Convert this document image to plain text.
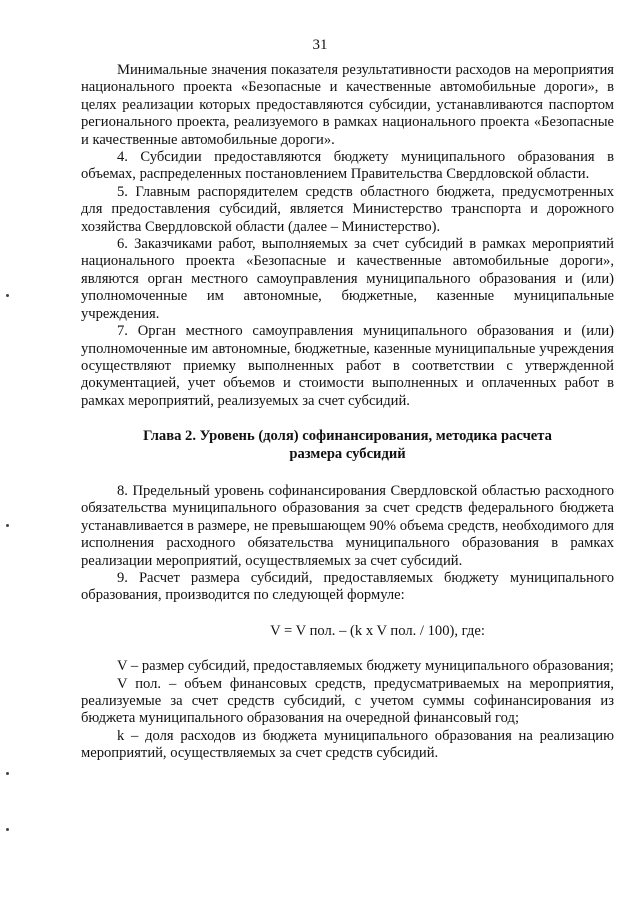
31

Минимальные значения показателя результативности расходов на мероприятия национального проекта «Безопасные и качественные автомобильные дороги», в целях реализации которых предоставляются субсидии, устанавливаются паспортом регионального проекта, реализуемого в рамках национального проекта «Безопасные и качественные автомобильные дороги».

4. Субсидии предоставляются бюджету муниципального образования в объемах, распределенных постановлением Правительства Свердловской области.

5. Главным распорядителем средств областного бюджета, предусмотренных для предоставления субсидий, является Министерство транспорта и дорожного хозяйства Свердловской области (далее – Министерство).

6. Заказчиками работ, выполняемых за счет субсидий в рамках мероприятий национального проекта «Безопасные и качественные автомобильные дороги», являются орган местного самоуправления муниципального образования и (или) уполномоченные им автономные, бюджетные, казенные муниципальные учреждения.

7. Орган местного самоуправления муниципального образования и (или) уполномоченные им автономные, бюджетные, казенные муниципальные учреждения осуществляют приемку выполненных работ в соответствии с утвержденной документацией, учет объемов и стоимости выполненных и оплаченных работ в рамках мероприятий, реализуемых за счет субсидий.

Глава 2. Уровень (доля) софинансирования, методика расчета

размера субсидий

8. Предельный уровень софинансирования Свердловской областью расходного обязательства муниципального образования за счет средств федерального бюджета устанавливается в размере, не превышающем 90% объема средств, необходимого для исполнения расходного обязательства муниципального образования в рамках реализации мероприятий, осуществляемых за счет субсидий.

9. Расчет размера субсидий, предоставляемых бюджету муниципального образования, производится по следующей формуле:

V = V пол. – (k x V пол. / 100), где:

V – размер субсидий, предоставляемых бюджету муниципального образования;

V пол. – объем финансовых средств, предусматриваемых на мероприятия, реализуемые за счет средств субсидий, с учетом суммы софинансирования из бюджета муниципального образования на очередной финансовый год;

k – доля расходов из бюджета муниципального образования на реализацию мероприятий, осуществляемых за счет средств субсидий.
